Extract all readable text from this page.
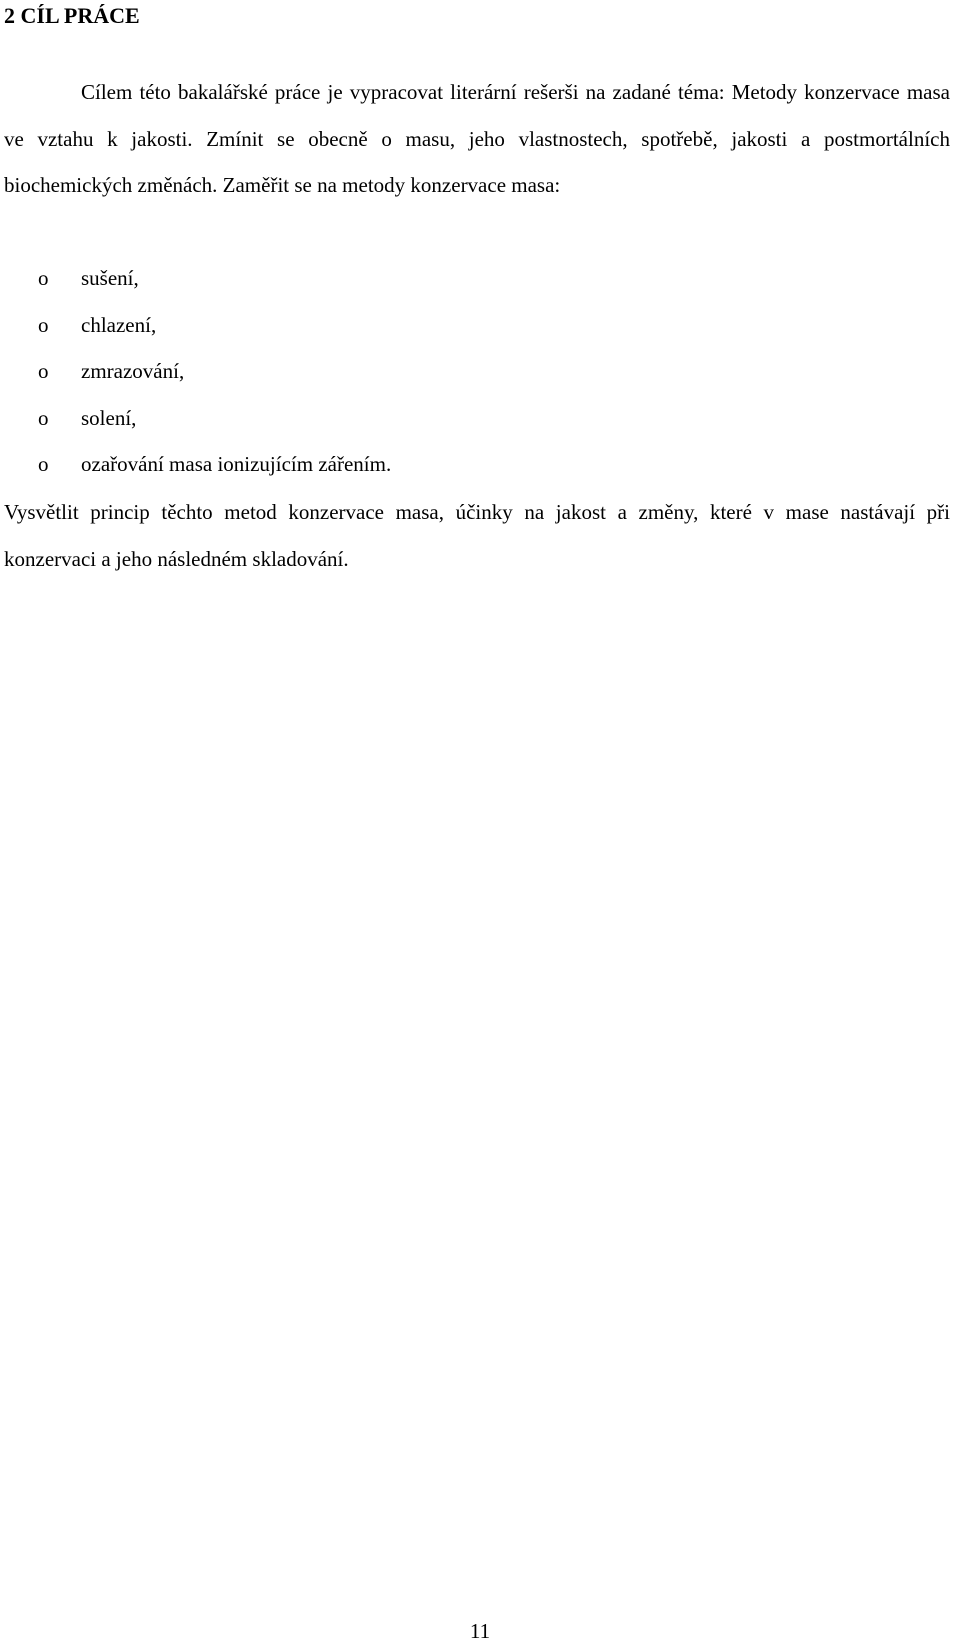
2 CÍL PRÁCE

Cílem této bakalářské práce je vypracovat literární rešerši na zadané téma: Metody konzervace masa ve vztahu k jakosti. Zmínit se obecně o masu, jeho vlastnostech, spotřebě, jakosti a postmortálních biochemických změnách. Zaměřit se na metody konzervace masa:

o sušení,
o chlazení,
o zmrazování,
o solení,
o ozařování masa ionizujícím zářením.

Vysvětlit princip těchto metod konzervace masa, účinky na jakost a změny, které v mase nastávají při konzervaci a jeho následném skladování.

11
